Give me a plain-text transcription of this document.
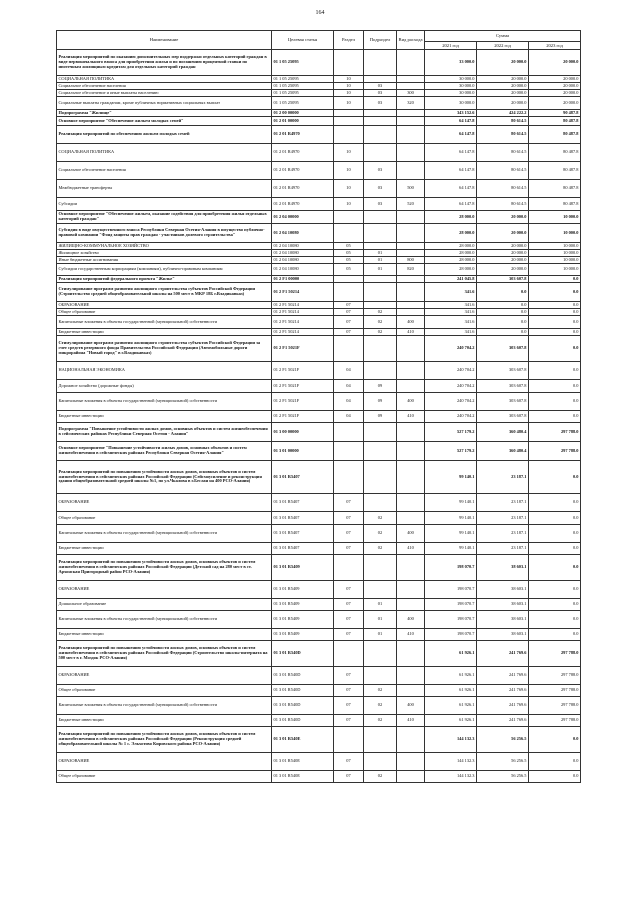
164
Наименование	Целевая статья	Раздел	Подраздел	Вид расхода	Сумма		
					2021 год	2022 год	2023 год
Реализация мероприятий по оказанию дополнительных мер поддержки отдельных категорий граждан в виде первоначального взноса для приобретения жилья и по погашению процентной ставки по ипотечным жилищным кредитам для отдельных категорий граждан	01 1 05 25095				33 000.0	20 000.0	20 000.0
СОЦИАЛЬНАЯ ПОЛИТИКА	01 1 05 25095	10			30 000.0	20 000.0	20 000.0
Социальное обеспечение населения	01 1 05 25095	10	03		30 000.0	20 000.0	20 000.0
Социальное обеспечение и иные выплаты населению	01 1 05 25095	10	03	300	30 000.0	20 000.0	20 000.0
Социальные выплаты гражданам, кроме публичных нормативных социальных выплат	01 1 05 25095	10	03	320	30 000.0	20 000.0	20 000.0
Подпрограмма "Жилище"	01 2 00 00000				343 152.6	424 222.2	90 487.8
Основное мероприятие "Обеспечение жильем молодых семей"	01 2 01 00000				64 147.8	80 614.5	80 487.8
Реализация мероприятий по обеспечению жильем молодых семей	01 2 01 R4970				64 147.8	80 614.5	80 487.8
СОЦИАЛЬНАЯ ПОЛИТИКА	01 2 01 R4970	10			64 147.8	80 614.5	80 487.8
Социальное обеспечение населения	01 2 01 R4970	10	03		64 147.8	80 614.5	80 487.8
Межбюджетные трансферты	01 2 01 R4970	10	03	500	64 147.8	80 614.5	80 487.8
Субсидии	01 2 01 R4970	10	03	520	64 147.8	80 614.5	80 487.8
Основное мероприятие "Обеспечение жильем, оказание содействия для приобретения жилья отдельных категорий граждан"	01 2 04 00000				28 000.0	20 000.0	10 000.0
Субсидия в виде имущественного взноса Республики Северная Осетия-Алания в имущество публично-правовой компании "Фонд защиты прав граждан - участников долевого строительства"	01 2 04 10080				28 000.0	20 000.0	10 000.0
ЖИЛИЩНО-КОММУНАЛЬНОЕ ХОЗЯЙСТВО	01 2 04 10080	05			28 000.0	20 000.0	10 000.0
Жилищное хозяйство	01 2 04 10080	05	01		28 000.0	20 000.0	10 000.0
Иные бюджетные ассигнования	01 2 04 10080	05	01	800	28 000.0	20 000.0	10 000.0
Субсидии государственным корпорациям (компаниям), публично-правовым компаниям	01 2 04 10080	05	01	820	28 000.0	20 000.0	10 000.0
Реализация мероприятий федерального проекта "Жилье"	01 2 F1 00000				241 045.8	303 607.8	0.0
Стимулирование программ развития жилищного строительства субъектов Российской Федерации (Строительство средней общеобразовательной школы на 500 мест в МКР 18Б г.Владикавказ)	01 2 F1 50214				341.6	0.0	0.0
ОБРАЗОВАНИЕ	01 2 F1 50214	07			341.6	0.0	0.0
Общее образование	01 2 F1 50214	07	02		341.6	0.0	0.0
Капитальные вложения в объекты государственной (муниципальной) собственности	01 2 F1 50214	07	02	400	341.6	0.0	0.0
Бюджетные инвестиции	01 2 F1 50214	07	02	410	341.6	0.0	0.0
Стимулирование программ развития жилищного строительства субъектов Российской Федерации за счет средств резервного фонда Правительства Российской Федерации (Автомобильные дороги микрорайона "Новый город" в г.Владикавказ)	01 2 F1 5021F				240 704.2	303 607.8	0.0
НАЦИОНАЛЬНАЯ ЭКОНОМИКА	01 2 F1 5021F	04			240 704.2	303 607.8	0.0
Дорожное хозяйство (дорожные фонды)	01 2 F1 5021F	04	09		240 704.2	303 607.8	0.0
Капитальные вложения в объекты государственной (муниципальной) собственности	01 2 F1 5021F	04	09	400	240 704.2	303 607.8	0.0
Бюджетные инвестиции	01 2 F1 5021F	04	09	410	240 704.2	303 607.8	0.0
Подпрограмма "Повышение устойчивости жилых домов, основных объектов и систем жизнеобеспечения в сейсмических районах Республики Северная Осетия - Алания"	01 3 00 00000				527 179.2	360 480.4	297 788.0
Основное мероприятие "Повышение устойчивости жилых домов, основных объектов и систем жизнеобеспечения в сейсмических районах Республики Северная Осетия-Алания"	01 3 01 00000				527 179.2	360 480.4	297 788.0
Реализация мероприятий по повышению устойчивости жилых домов, основных объектов и систем жизнеобеспечения в сейсмических районах Российской Федерации (Сейсмоусиление и реконструкция здания общеобразовательной средней школы №1, по ул.Чкалова в г.Беслан на 400 РСО-Алания)	01 3 01 R5407				99 140.1	23 187.1	0.0
ОБРАЗОВАНИЕ	01 3 01 R5407	07			99 140.1	23 187.1	0.0
Общее образование	01 3 01 R5407	07	02		99 140.1	23 187.1	0.0
Капитальные вложения в объекты государственной (муниципальной) собственности	01 3 01 R5407	07	02	400	99 140.1	23 187.1	0.0
Бюджетные инвестиции	01 3 01 R5407	07	02	410	99 140.1	23 187.1	0.0
Реализация мероприятий по повышению устойчивости жилых домов, основных объектов и систем жизнеобеспечения в сейсмических районах Российской Федерации (Детский сад на 280 мест в ст. Архонская Пригородный район РСО-Алания)	01 3 01 R5409				198 070.7	38 603.1	0.0
ОБРАЗОВАНИЕ	01 3 01 R5409	07			198 070.7	38 603.1	0.0
Дошкольное образование	01 3 01 R5409	07	01		198 070.7	38 603.1	0.0
Капитальные вложения в объекты государственной (муниципальной) собственности	01 3 01 R5409	07	01	400	198 070.7	38 603.1	0.0
Бюджетные инвестиции	01 3 01 R5409	07	01	410	198 070.7	38 603.1	0.0
Реализация мероприятий по повышению устойчивости жилых домов, основных объектов и систем жизнеобеспечения в сейсмических районах Российской Федерации (Строительство школы-интерната на 500 мест в г. Моздок РСО-Алания)	01 3 01 R540D				61 926.1	241 769.6	297 788.0
ОБРАЗОВАНИЕ	01 3 01 R540D	07			61 926.1	241 769.6	297 788.0
Общее образование	01 3 01 R540D	07	02		61 926.1	241 769.6	297 788.0
Капитальные вложения в объекты государственной (муниципальной) собственности	01 3 01 R540D	07	02	400	61 926.1	241 769.6	297 788.0
Бюджетные инвестиции	01 3 01 R540D	07	02	410	61 926.1	241 769.6	297 788.0
Реализация мероприятий по повышению устойчивости жилых домов, основных объектов и систем жизнеобеспечения в сейсмических районах Российской Федерации (Реконструкция средней общеобразовательной школы № 1 с. Эльхотово Кировского района РСО-Алания)	01 3 01 R540E				144 132.3	56 256.5	0.0
ОБРАЗОВАНИЕ	01 3 01 R540E	07			144 132.3	56 256.5	0.0
Общее образование	01 3 01 R540E	07	02		144 132.3	56 256.5	0.0
